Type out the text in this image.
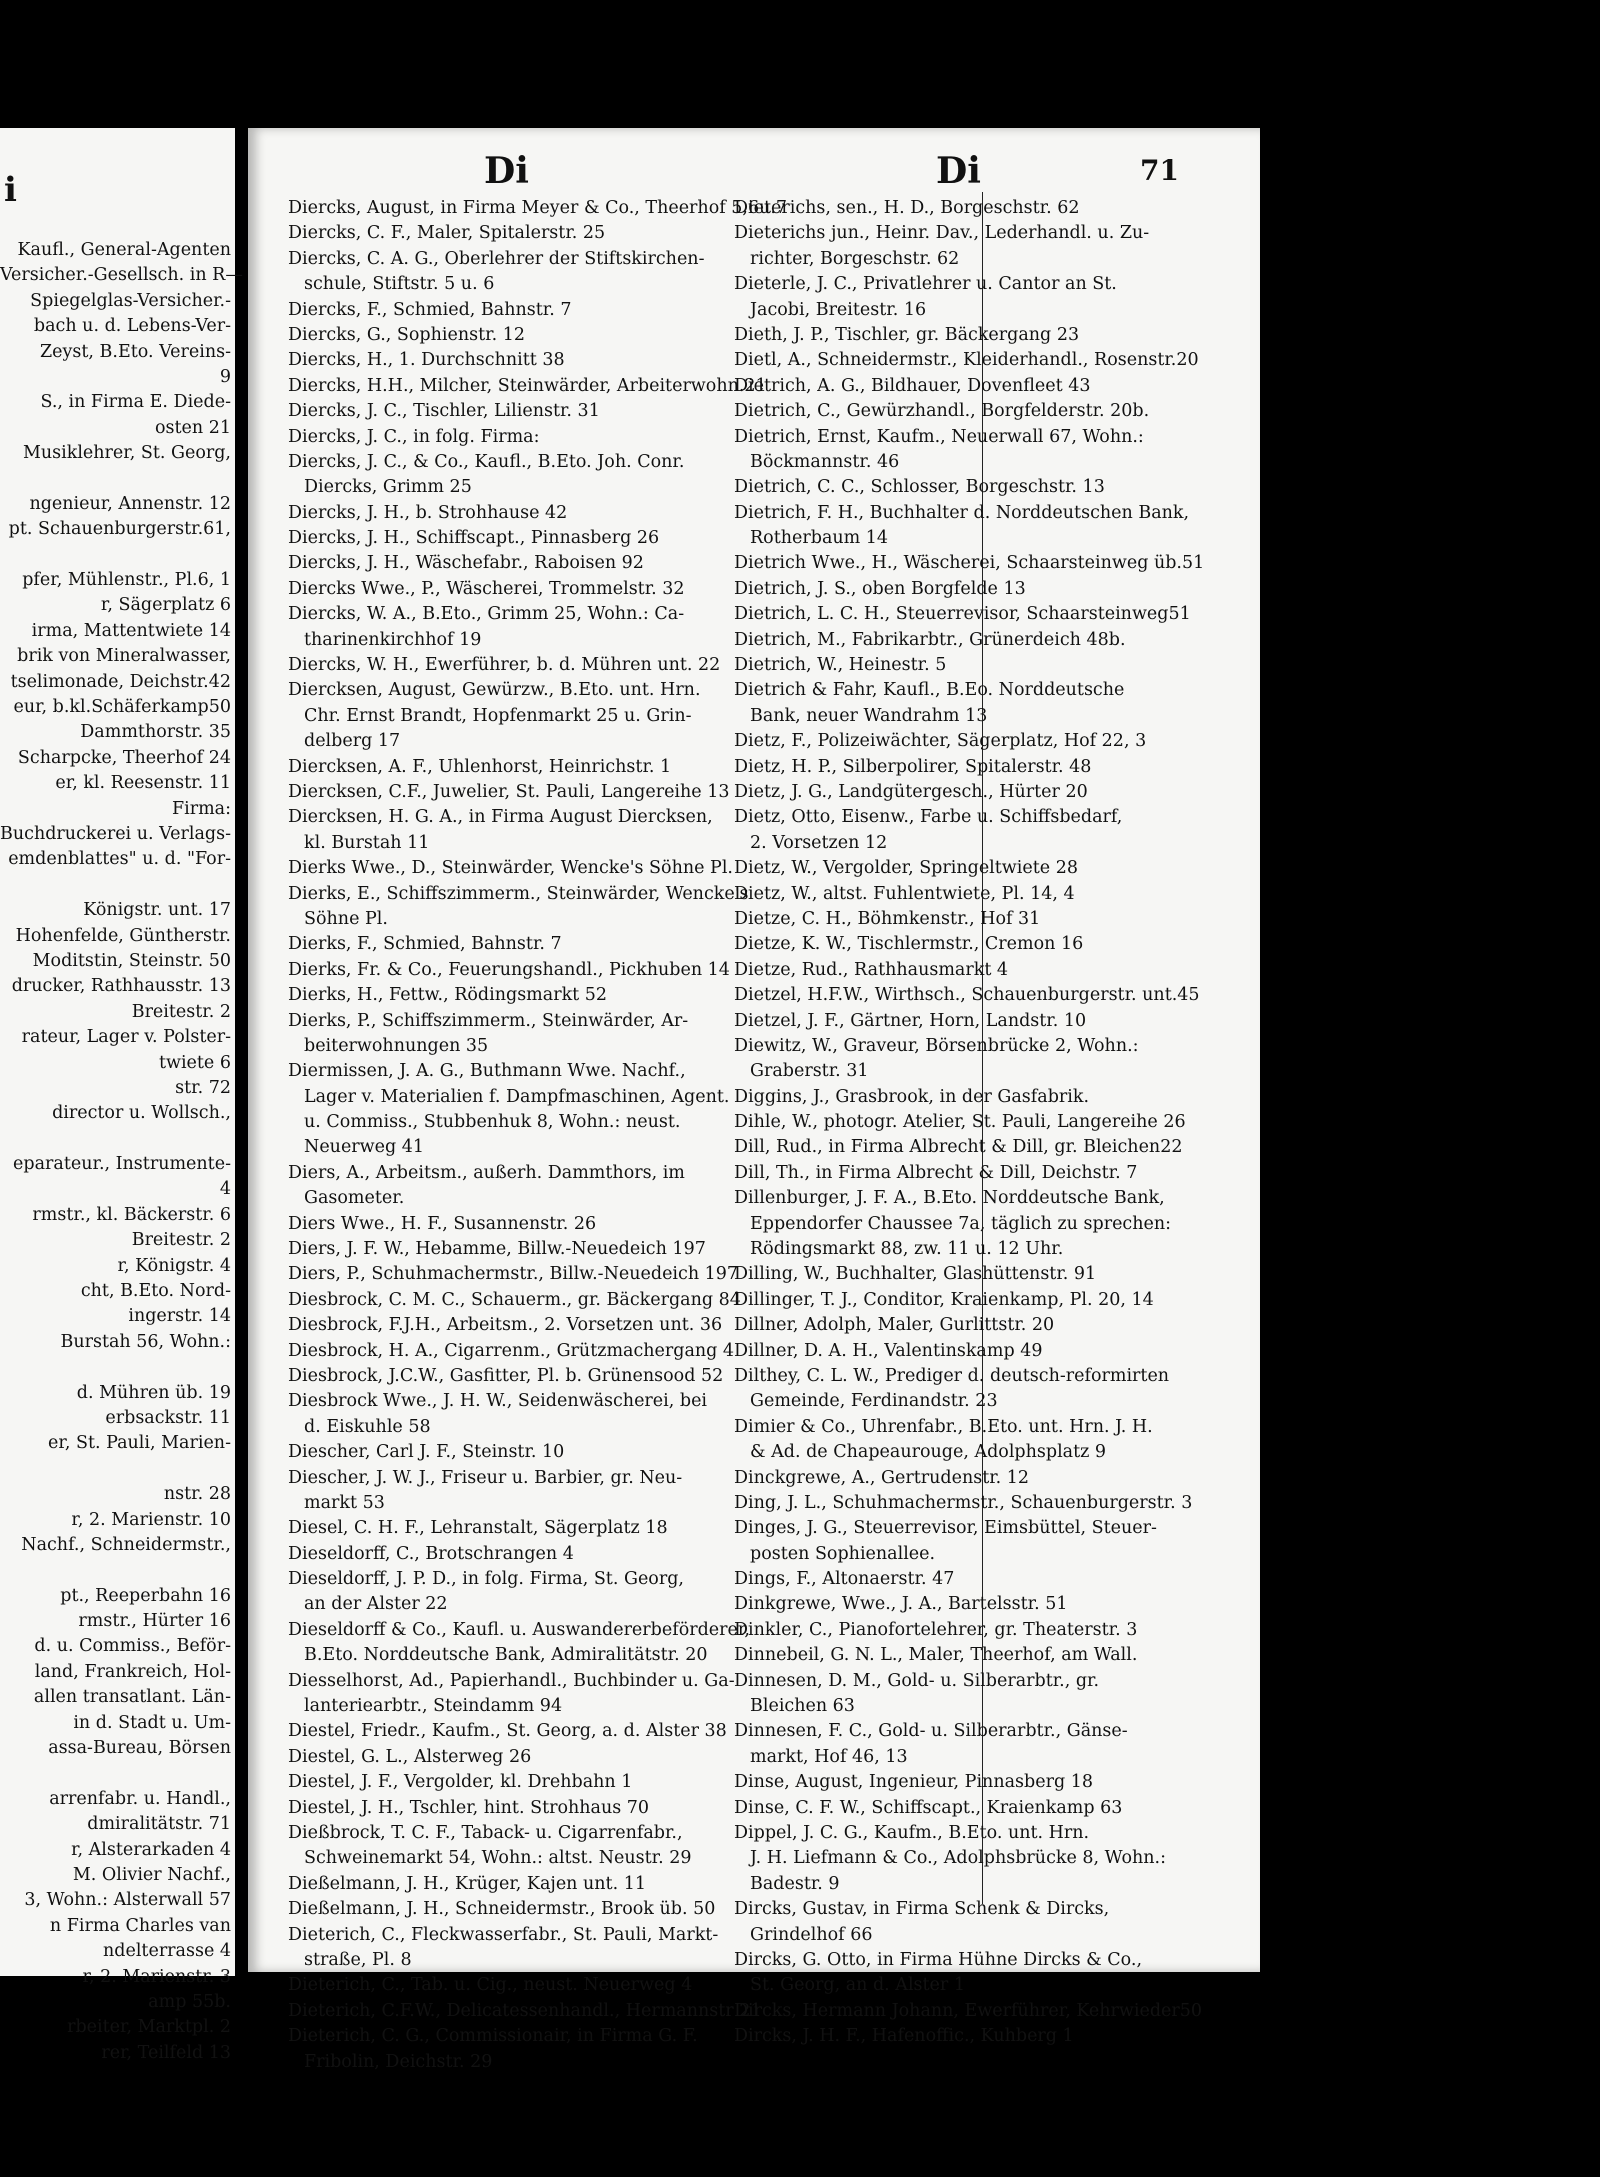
i
Kaufl., General-Agenten
Versicher.-Gesellsch. in R—
Spiegelglas-Versicher.-
bach u. d. Lebens-Ver-
Zeyst, B.Eto. Vereins-
9
S., in Firma E. Diede-
osten 21
Musiklehrer, St. Georg,
ngenieur, Annenstr. 12
pt. Schauenburgerstr.61,
pfer, Mühlenstr., Pl.6, 1
r, Sägerplatz 6
irma, Mattentwiete 14
brik von Mineralwasser,
tselimonade, Deichstr.42
eur, b.kl.Schäferkamp50
Dammthorstr. 35
Scharpcke, Theerhof 24
er, kl. Reesenstr. 11
Firma:
Buchdruckerei u. Verlags-
emdenblattes" u. d. "For-
Königstr. unt. 17
Hohenfelde, Güntherstr.
Moditstin, Steinstr. 50
drucker, Rathhausstr. 13
Breitestr. 2
rateur, Lager v. Polster-
twiete 6
str. 72
director u. Wollsch.,
eparateur., Instrumente-
4
rmstr., kl. Bäckerstr. 6
Breitestr. 2
r, Königstr. 4
cht, B.Eto. Nord-
ingerstr. 14
Burstah 56, Wohn.:
d. Mühren üb. 19
erbsackstr. 11
er, St. Pauli, Marien-
nstr. 28
r, 2. Marienstr. 10
Nachf., Schneidermstr.,
pt., Reeperbahn 16
rmstr., Hürter 16
d. u. Commiss., Beför-
land, Frankreich, Hol-
allen transatlant. Län-
in d. Stadt u. Um-
assa-Bureau, Börsen
arrenfabr. u. Handl.,
dmiralitätstr. 71
r, Alsterarkaden 4
M. Olivier Nachf.,
3, Wohn.: Alsterwall 57
n Firma Charles van
ndelterrasse 4
r, 2. Marienstr. 3
amp 55b.
rbeiter, Marktpl. 2
rer, Teilfeld 13
Di	Di	71
Diercks, August, in Firma Meyer & Co., Theerhof 5,6u.7
Diercks, C. F., Maler, Spitalerstr. 25
Diercks, C. A. G., Oberlehrer der Stiftskirchen-
schule, Stiftstr. 5 u. 6
Diercks, F., Schmied, Bahnstr. 7
Diercks, G., Sophienstr. 12
Diercks, H., 1. Durchschnitt 38
Diercks, H.H., Milcher, Steinwärder, Arbeiterwohn.21
Diercks, J. C., Tischler, Lilienstr. 31
Diercks, J. C., in folg. Firma:
Diercks, J. C., & Co., Kaufl., B.Eto. Joh. Conr.
Diercks, Grimm 25
Diercks, J. H., b. Strohhause 42
Diercks, J. H., Schiffscapt., Pinnasberg 26
Diercks, J. H., Wäschefabr., Raboisen 92
Diercks Wwe., P., Wäscherei, Trommelstr. 32
Diercks, W. A., B.Eto., Grimm 25, Wohn.: Ca-
tharinenkirchhof 19
Diercks, W. H., Ewerführer, b. d. Mühren unt. 22
Diercksen, August, Gewürzw., B.Eto. unt. Hrn.
Chr. Ernst Brandt, Hopfenmarkt 25 u. Grin-
delberg 17
Diercksen, A. F., Uhlenhorst, Heinrichstr. 1
Diercksen, C.F., Juwelier, St. Pauli, Langereihe 13
Diercksen, H. G. A., in Firma August Diercksen,
kl. Burstah 11
Dierks Wwe., D., Steinwärder, Wencke's Söhne Pl.
Dierks, E., Schiffszimmerm., Steinwärder, Wencke's
Söhne Pl.
Dierks, F., Schmied, Bahnstr. 7
Dierks, Fr. & Co., Feuerungshandl., Pickhuben 14
Dierks, H., Fettw., Rödingsmarkt 52
Dierks, P., Schiffszimmerm., Steinwärder, Ar-
beiterwohnungen 35
Diermissen, J. A. G., Buthmann Wwe. Nachf.,
Lager v. Materialien f. Dampfmaschinen, Agent.
u. Commiss., Stubbenhuk 8, Wohn.: neust.
Neuerweg 41
Diers, A., Arbeitsm., außerh. Dammthors, im
Gasometer.
Diers Wwe., H. F., Susannenstr. 26
Diers, J. F. W., Hebamme, Billw.-Neuedeich 197
Diers, P., Schuhmachermstr., Billw.-Neuedeich 197
Diesbrock, C. M. C., Schauerm., gr. Bäckergang 84
Diesbrock, F.J.H., Arbeitsm., 2. Vorsetzen unt. 36
Diesbrock, H. A., Cigarrenm., Grützmachergang 4
Diesbrock, J.C.W., Gasfitter, Pl. b. Grünensood 52
Diesbrock Wwe., J. H. W., Seidenwäscherei, bei
d. Eiskuhle 58
Diescher, Carl J. F., Steinstr. 10
Diescher, J. W. J., Friseur u. Barbier, gr. Neu-
markt 53
Diesel, C. H. F., Lehranstalt, Sägerplatz 18
Dieseldorff, C., Brotschrangen 4
Dieseldorff, J. P. D., in folg. Firma, St. Georg,
an der Alster 22
Dieseldorff & Co., Kaufl. u. Auswandererbeförderer,
B.Eto. Norddeutsche Bank, Admiralitätstr. 20
Diesselhorst, Ad., Papierhandl., Buchbinder u. Ga-
lanteriearbtr., Steindamm 94
Diestel, Friedr., Kaufm., St. Georg, a. d. Alster 38
Diestel, G. L., Alsterweg 26
Diestel, J. F., Vergolder, kl. Drehbahn 1
Diestel, J. H., Tschler, hint. Strohhaus 70
Dießbrock, T. C. F., Taback- u. Cigarrenfabr.,
Schweinemarkt 54, Wohn.: altst. Neustr. 29
Dießelmann, J. H., Krüger, Kajen unt. 11
Dießelmann, J. H., Schneidermstr., Brook üb. 50
Dieterich, C., Fleckwasserfabr., St. Pauli, Markt-
straße, Pl. 8
Dieterich, C., Tab. u. Cig., neust. Neuerweg 4
Dieterich, C.F.W., Delicatessenhandl., Hermannstr 21
Dieterich, C. G., Commissionair, in Firma G. F.
Fribolin, Deichstr. 29
Dieterichs, sen., H. D., Borgeschstr. 62
Dieterichs jun., Heinr. Dav., Lederhandl. u. Zu-
richter, Borgeschstr. 62
Dieterle, J. C., Privatlehrer u. Cantor an St.
Jacobi, Breitestr. 16
Dieth, J. P., Tischler, gr. Bäckergang 23
Dietl, A., Schneidermstr., Kleiderhandl., Rosenstr.20
Dietrich, A. G., Bildhauer, Dovenfleet 43
Dietrich, C., Gewürzhandl., Borgfelderstr. 20b.
Dietrich, Ernst, Kaufm., Neuerwall 67, Wohn.:
Böckmannstr. 46
Dietrich, C. C., Schlosser, Borgeschstr. 13
Dietrich, F. H., Buchhalter d. Norddeutschen Bank,
Rotherbaum 14
Dietrich Wwe., H., Wäscherei, Schaarsteinweg üb.51
Dietrich, J. S., oben Borgfelde 13
Dietrich, L. C. H., Steuerrevisor, Schaarsteinweg51
Dietrich, M., Fabrikarbtr., Grünerdeich 48b.
Dietrich, W., Heinestr. 5
Dietrich & Fahr, Kaufl., B.Eo. Norddeutsche
Bank, neuer Wandrahm 13
Dietz, F., Polizeiwächter, Sägerplatz, Hof 22, 3
Dietz, H. P., Silberpolirer, Spitalerstr. 48
Dietz, J. G., Landgütergesch., Hürter 20
Dietz, Otto, Eisenw., Farbe u. Schiffsbedarf,
2. Vorsetzen 12
Dietz, W., Vergolder, Springeltwiete 28
Dietz, W., altst. Fuhlentwiete, Pl. 14, 4
Dietze, C. H., Böhmkenstr., Hof 31
Dietze, K. W., Tischlermstr., Cremon 16
Dietze, Rud., Rathhausmarkt 4
Dietzel, H.F.W., Wirthsch., Schauenburgerstr. unt.45
Dietzel, J. F., Gärtner, Horn, Landstr. 10
Diewitz, W., Graveur, Börsenbrücke 2, Wohn.:
Graberstr. 31
Diggins, J., Grasbrook, in der Gasfabrik.
Dihle, W., photogr. Atelier, St. Pauli, Langereihe 26
Dill, Rud., in Firma Albrecht & Dill, gr. Bleichen22
Dill, Th., in Firma Albrecht & Dill, Deichstr. 7
Dillenburger, J. F. A., B.Eto. Norddeutsche Bank,
Eppendorfer Chaussee 7a, täglich zu sprechen:
Rödingsmarkt 88, zw. 11 u. 12 Uhr.
Dilling, W., Buchhalter, Glashüttenstr. 91
Dillinger, T. J., Conditor, Kraienkamp, Pl. 20, 14
Dillner, Adolph, Maler, Gurlittstr. 20
Dillner, D. A. H., Valentinskamp 49
Dilthey, C. L. W., Prediger d. deutsch-reformirten
Gemeinde, Ferdinandstr. 23
Dimier & Co., Uhrenfabr., B.Eto. unt. Hrn. J. H.
& Ad. de Chapeaurouge, Adolphsplatz 9
Dinckgrewe, A., Gertrudenstr. 12
Ding, J. L., Schuhmachermstr., Schauenburgerstr. 3
Dinges, J. G., Steuerrevisor, Eimsbüttel, Steuer-
posten Sophienallee.
Dings, F., Altonaerstr. 47
Dinkgrewe, Wwe., J. A., Bartelsstr. 51
Dinkler, C., Pianofortelehrer, gr. Theaterstr. 3
Dinnebeil, G. N. L., Maler, Theerhof, am Wall.
Dinnesen, D. M., Gold- u. Silberarbtr., gr.
Bleichen 63
Dinnesen, F. C., Gold- u. Silberarbtr., Gänse-
markt, Hof 46, 13
Dinse, August, Ingenieur, Pinnasberg 18
Dinse, C. F. W., Schiffscapt., Kraienkamp 63
Dippel, J. C. G., Kaufm., B.Eto. unt. Hrn.
J. H. Liefmann & Co., Adolphsbrücke 8, Wohn.:
Badestr. 9
Dircks, Gustav, in Firma Schenk & Dircks,
Grindelhof 66
Dircks, G. Otto, in Firma Hühne Dircks & Co.,
St. Georg, an d. Alster 1
Dircks, Hermann Johann, Ewerführer, Kehrwieder50
Dircks, J. H. F., Hafenoffic., Kuhberg 1
